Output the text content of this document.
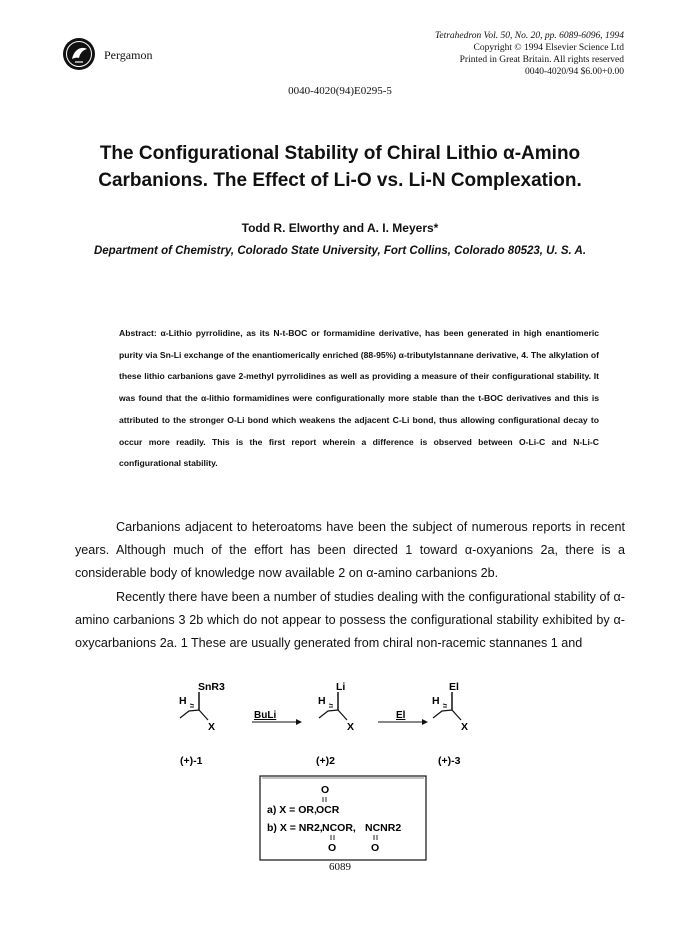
Pergamon
Tetrahedron Vol. 50, No. 20, pp. 6089-6096, 1994
Copyright © 1994 Elsevier Science Ltd
Printed in Great Britain. All rights reserved
0040-4020/94 $6.00+0.00
0040-4020(94)E0295-5
The Configurational Stability of Chiral Lithio α-Amino
Carbanions. The Effect of Li-O vs. Li-N Complexation.
Todd R. Elworthy and A. I. Meyers*
Department of Chemistry, Colorado State University, Fort Collins, Colorado 80523, U. S. A.

Abstract: α-Lithio pyrrolidine, as its N-t-BOC or formamidine derivative, has been generated in high enantiomeric purity via Sn-Li exchange of the enantiomerically enriched (88-95%) α-tributylstannane derivative, 4. The alkylation of these lithio carbanions gave 2-methyl pyrrolidines as well as providing a measure of their configurational stability. It was found that the α-lithio formamidines were configurationally more stable than the t-BOC derivatives and this is attributed to the stronger O-Li bond which weakens the adjacent C-Li bond, thus allowing configurational decay to occur more readily. This is the first report wherein a difference is observed between O-Li-C and N-Li-C configurational stability.

Carbanions adjacent to heteroatoms have been the subject of numerous reports in recent years. Although much of the effort has been directed 1 toward α-oxyanions 2a, there is a considerable body of knowledge now available 2 on α-amino carbanions 2b.

Recently there have been a number of studies dealing with the configurational stability of α-amino carbanions 3 2b which do not appear to possess the configurational stability exhibited by α-oxycarbanions 2a. 1 These are usually generated from chiral non-racemic stannanes 1 and

SnR3
H
X
BuLi
Li
H
X
El
El
H
X
(+)-1	(+)2	(+)-3
O
a) X = OR, OCR
b) X = NR2, NCOR, NCNR2
O	O
6089
